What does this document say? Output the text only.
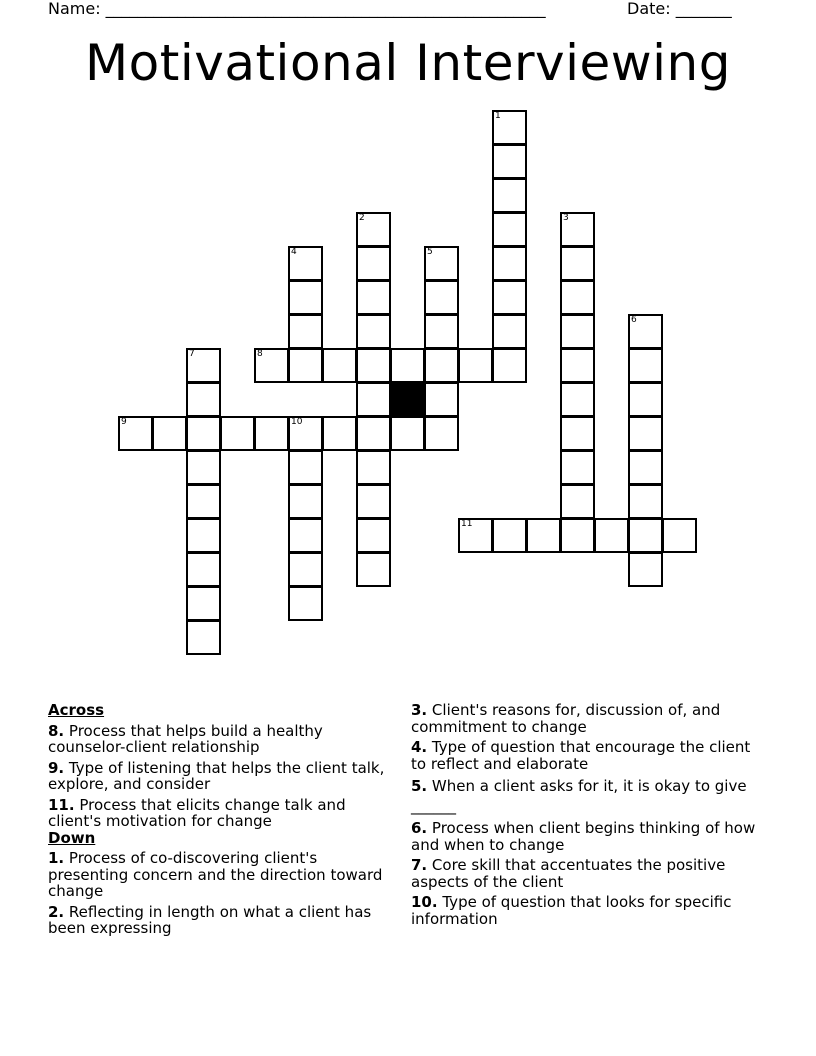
Name: _______________________________________________________	Date: _______
Motivational Interviewing
1
2	3
4	5
6
7	8
9	10
11
Across
8. Process that helps build a healthy counselor-client relationship
9. Type of listening that helps the client talk, explore, and consider
11. Process that elicits change talk and client's motivation for change
Down
1. Process of co-discovering client's presenting concern and the direction toward change
2. Reflecting in length on what a client has been expressing
3. Client's reasons for, discussion of, and commitment to change
4. Type of question that encourage the client to reflect and elaborate
5. When a client asks for it, it is okay to give ______
6. Process when client begins thinking of how and when to change
7. Core skill that accentuates the positive aspects of the client
10. Type of question that looks for specific information
